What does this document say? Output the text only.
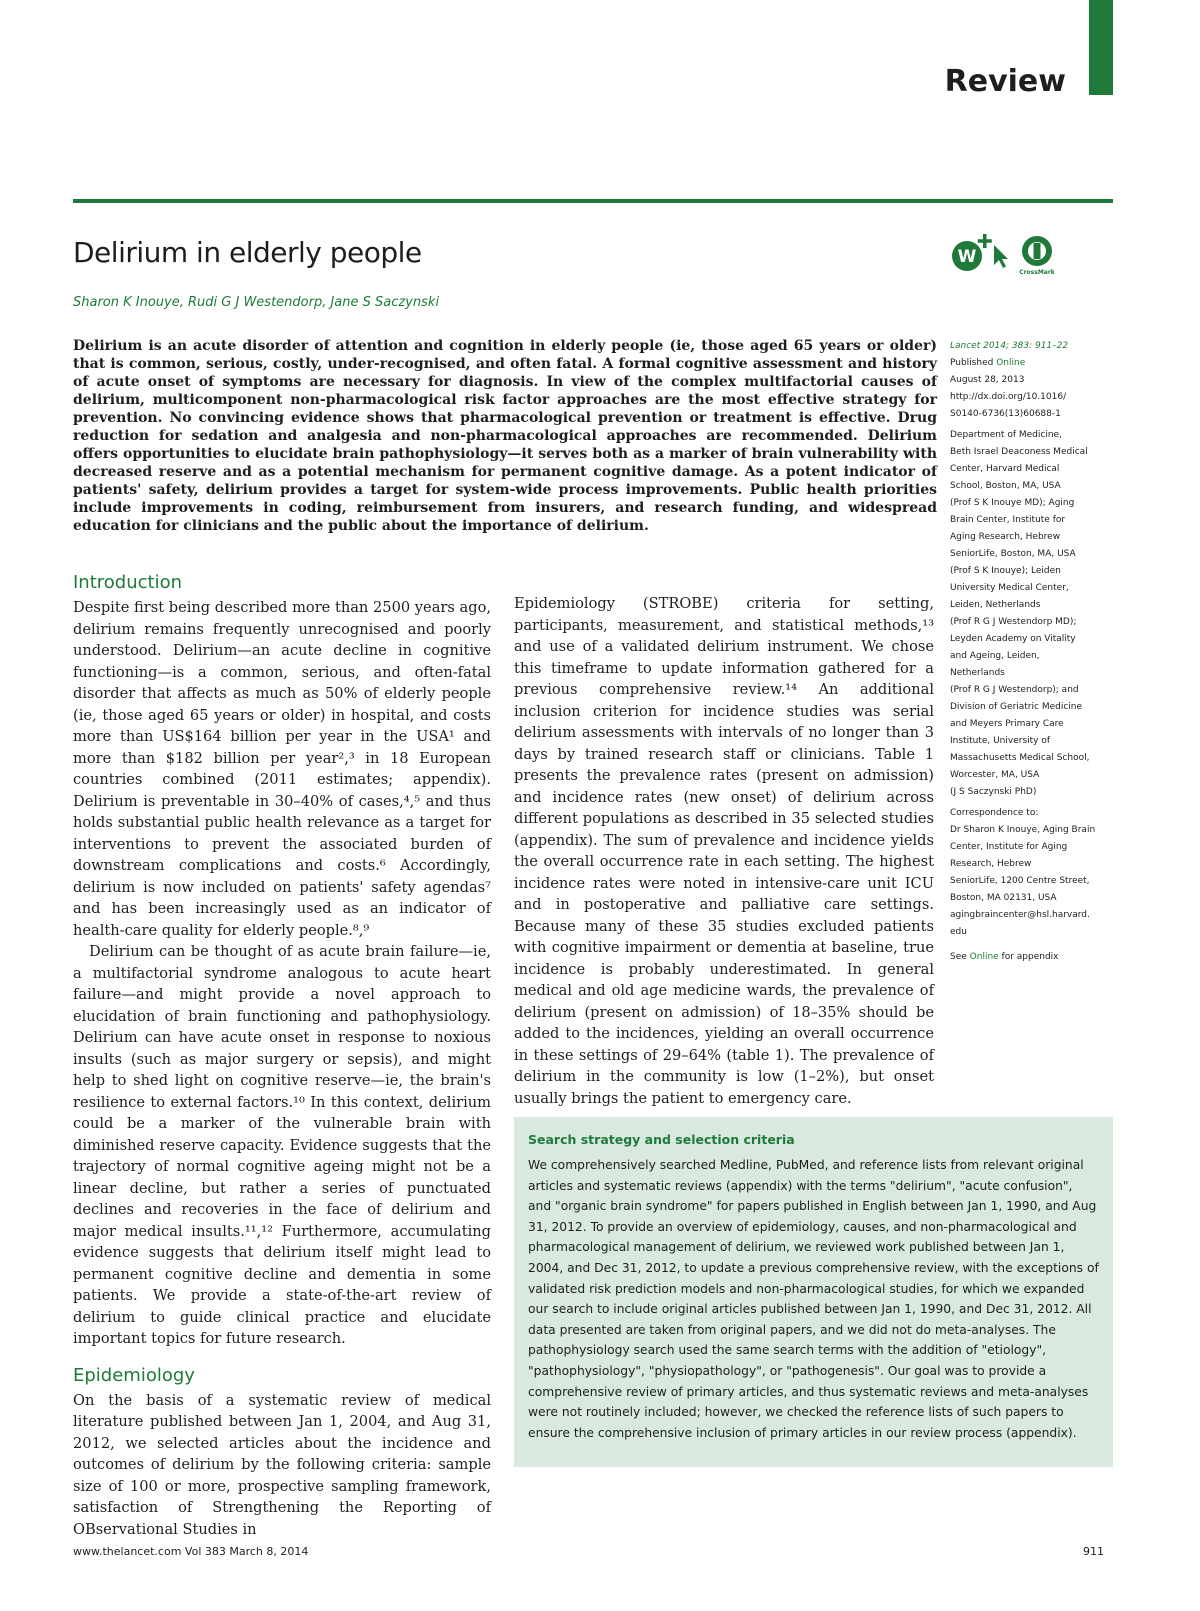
Review
Delirium in elderly people	W
CrossMark
Sharon K Inouye, Rudi G J Westendorp, Jane S Saczynski

Delirium is an acute disorder of attention and cognition in elderly people (ie, those aged 65 years or older) that is common, serious, costly, under-recognised, and often fatal. A formal cognitive assessment and history of acute onset of symptoms are necessary for diagnosis. In view of the complex multifactorial causes of delirium, multicomponent non-pharmacological risk factor approaches are the most effective strategy for prevention. No convincing evidence shows that pharmacological prevention or treatment is effective. Drug reduction for sedation and analgesia and non-pharmacological approaches are recommended. Delirium offers opportunities to elucidate brain pathophysiology—it serves both as a marker of brain vulnerability with decreased reserve and as a potential mechanism for permanent cognitive damage. As a potent indicator of patients' safety, delirium provides a target for system-wide process improvements. Public health priorities include improvements in coding, reimbursement from insurers, and research funding, and widespread education for clinicians and the public about the importance of delirium.

Lancet 2014; 383: 911–22
Published Online
August 28, 2013
http://dx.doi.org/10.1016/
S0140-6736(13)60688-1
Department of Medicine,
Beth Israel Deaconess Medical
Center, Harvard Medical
School, Boston, MA, USA
(Prof S K Inouye MD); Aging
Brain Center, Institute for
Aging Research, Hebrew
SeniorLife, Boston, MA, USA
(Prof S K Inouye); Leiden
University Medical Center,
Leiden, Netherlands
(Prof R G J Westendorp MD);
Leyden Academy on Vitality
and Ageing, Leiden,
Netherlands
(Prof R G J Westendorp); and
Division of Geriatric Medicine
and Meyers Primary Care
Institute, University of
Massachusetts Medical School,
Worcester, MA, USA
(J S Saczynski PhD)
Correspondence to:
Dr Sharon K Inouye, Aging Brain
Center, Institute for Aging
Research, Hebrew
SeniorLife, 1200 Centre Street,
Boston, MA 02131, USA
agingbraincenter@hsl.harvard.
edu
See Online for appendix
Introduction

Despite first being described more than 2500 years ago, delirium remains frequently unrecognised and poorly understood. Delirium—an acute decline in cognitive functioning—is a common, serious, and often-fatal disorder that affects as much as 50% of elderly people (ie, those aged 65 years or older) in hospital, and costs more than US$164 billion per year in the USA¹ and more than $182 billion per year²,³ in 18 European countries combined (2011 estimates; appendix). Delirium is preventable in 30–40% of cases,⁴,⁵ and thus holds substantial public health relevance as a target for interventions to prevent the associated burden of downstream complications and costs.⁶ Accordingly, delirium is now included on patients' safety agendas⁷ and has been increasingly used as an indicator of health-care quality for elderly people.⁸,⁹

Delirium can be thought of as acute brain failure—ie, a multifactorial syndrome analogous to acute heart failure—and might provide a novel approach to elucidation of brain functioning and pathophysiology. Delirium can have acute onset in response to noxious insults (such as major surgery or sepsis), and might help to shed light on cognitive reserve—ie, the brain's resilience to external factors.¹⁰ In this context, delirium could be a marker of the vulnerable brain with diminished reserve capacity. Evidence suggests that the trajectory of normal cognitive ageing might not be a linear decline, but rather a series of punctuated declines and recoveries in the face of delirium and major medical insults.¹¹,¹² Furthermore, accumulating evidence suggests that delirium itself might lead to permanent cognitive decline and dementia in some patients. We provide a state-of-the-art review of delirium to guide clinical practice and elucidate important topics for future research.

Epidemiology

On the basis of a systematic review of medical literature published between Jan 1, 2004, and Aug 31, 2012, we selected articles about the incidence and outcomes of delirium by the following criteria: sample size of 100 or more, prospective sampling framework, satisfaction of Strengthening the Reporting of OBservational Studies in

Epidemiology (STROBE) criteria for setting, participants, measurement, and statistical methods,¹³ and use of a validated delirium instrument. We chose this timeframe to update information gathered for a previous comprehensive review.¹⁴ An additional inclusion criterion for incidence studies was serial delirium assessments with intervals of no longer than 3 days by trained research staff or clinicians. Table 1 presents the prevalence rates (present on admission) and incidence rates (new onset) of delirium across different populations as described in 35 selected studies (appendix). The sum of prevalence and incidence yields the overall occurrence rate in each setting. The highest incidence rates were noted in intensive-care unit ICU and in postoperative and palliative care settings. Because many of these 35 studies excluded patients with cognitive impairment or dementia at baseline, true incidence is probably underestimated. In general medical and old age medicine wards, the prevalence of delirium (present on admission) of 18–35% should be added to the incidences, yielding an overall occurrence in these settings of 29–64% (table 1). The prevalence of delirium in the community is low (1–2%), but onset usually brings the patient to emergency care.

Search strategy and selection criteria

We comprehensively searched Medline, PubMed, and reference lists from relevant original articles and systematic reviews (appendix) with the terms "delirium", "acute confusion", and "organic brain syndrome" for papers published in English between Jan 1, 1990, and Aug 31, 2012. To provide an overview of epidemiology, causes, and non-pharmacological and pharmacological management of delirium, we reviewed work published between Jan 1, 2004, and Dec 31, 2012, to update a previous comprehensive review, with the exceptions of validated risk prediction models and non-pharmacological studies, for which we expanded our search to include original articles published between Jan 1, 1990, and Dec 31, 2012. All data presented are taken from original papers, and we did not do meta-analyses. The pathophysiology search used the same search terms with the addition of "etiology", "pathophysiology", "physiopathology", or "pathogenesis". Our goal was to provide a comprehensive review of primary articles, and thus systematic reviews and meta-analyses were not routinely included; however, we checked the reference lists of such papers to ensure the comprehensive inclusion of primary articles in our review process (appendix).

www.thelancet.com Vol 383 March 8, 2014	911
